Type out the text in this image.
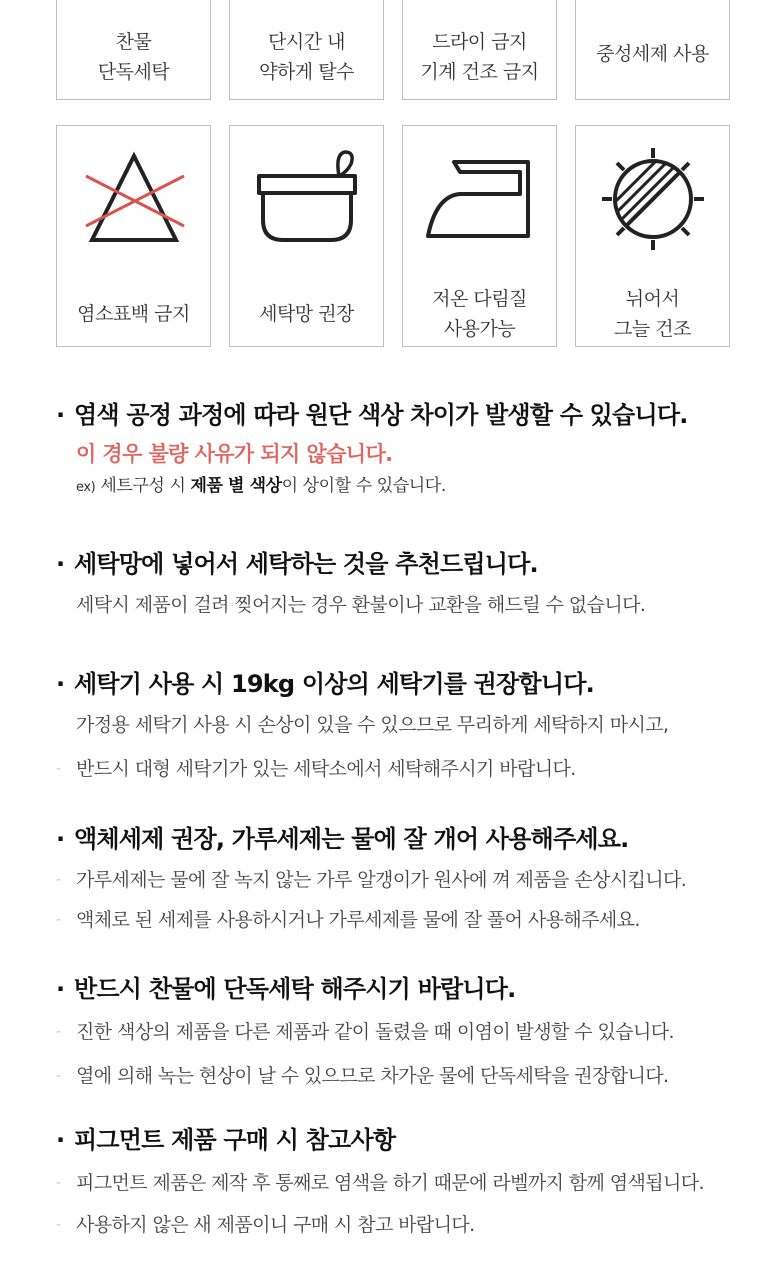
찬물
단독세탁
단시간 내
약하게 탈수
드라이 금지
기계 건조 금지
중성세제 사용
염소표백 금지	세탁망 권장
저온 다림질
사용가능
뉘어서
그늘 건조
· 염색 공정 과정에 따라 원단 색상 차이가 발생할 수 있습니다.
이 경우 불량 사유가 되지 않습니다.
ex) 세트구성 시 제품 별 색상이 상이할 수 있습니다.
· 세탁망에 넣어서 세탁하는 것을 추천드립니다.
세탁시 제품이 걸려 찢어지는 경우 환불이나 교환을 해드릴 수 없습니다.
· 세탁기 사용 시 19kg 이상의 세탁기를 권장합니다.
가정용 세탁기 사용 시 손상이 있을 수 있으므로 무리하게 세탁하지 마시고,
- 반드시 대형 세탁기가 있는 세탁소에서 세탁해주시기 바랍니다.
· 액체세제 권장, 가루세제는 물에 잘 개어 사용해주세요.
- 가루세제는 물에 잘 녹지 않는 가루 알갱이가 원사에 껴 제품을 손상시킵니다.
- 액체로 된 세제를 사용하시거나 가루세제를 물에 잘 풀어 사용해주세요.
· 반드시 찬물에 단독세탁 해주시기 바랍니다.
- 진한 색상의 제품을 다른 제품과 같이 돌렸을 때 이염이 발생할 수 있습니다.
- 열에 의해 녹는 현상이 날 수 있으므로 차가운 물에 단독세탁을 권장합니다.
· 피그먼트 제품 구매 시 참고사항
- 피그먼트 제품은 제작 후 통째로 염색을 하기 때문에 라벨까지 함께 염색됩니다.
- 사용하지 않은 새 제품이니 구매 시 참고 바랍니다.
